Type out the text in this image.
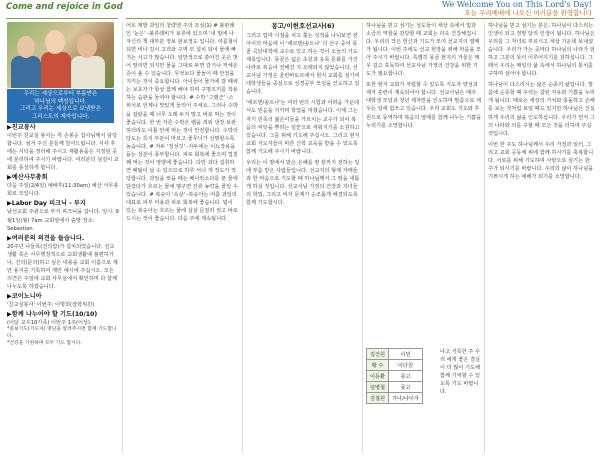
Come and rejoice in God	We Welcome You on This Lord's Day!
오늘 우리예배에 나오신 여러분을 환영합니다
우리는 세상으로부터 부름받은
하나님의 백성입니다.
그리고 우리는 세상으로 보냄받은
그리스도의 제자입니다.
▶친교봉사

이번주 친교실 봉사는 각 손봉순 집사님께서 담당합니다. 섬겨 주신 분들께 감사드립니다. 식사 후에는 식탁을 정리해 주시고 재활용품은 지정된 곳에 분리하여 주시기 바랍니다. 여러분의 섬김이 교회를 풍성하게 합니다.

▶예산사무총회

다음 주일(2/4일) 예배후(11:30am) 예산 사무총회로 모입니다.

▶Labor Day 피크닉 - 부지

남선교회 주관으로 부지 피크닉을 갑니다. 일시: 9월1일(월) 7am 교회앞에서 출발 장소: Sebastian

▶여러분의 의견을 들습니다.

20주년 나들목(건의함)가 설치되었습니다. 선교생활 혹은 사무행정적으로 교회생활에 불편하거나, 건의(문의)하고 싶은 내용을 교회 이름으로 제안 용지를 기록하여 제안 예시에 주십시오. 모든 의견은 주일에 교회 사무실에서 확인하며 다 함께 나누도록 하겠습니다.

▶코이노니아

'친교실봉사' 이번주: 이명희(장학위원)

▶함께 나누어야 할 기도(10/10)

(이달 교우10가족) 이번주 1주(이상)

*중보기도(기도자) 명단을 알려주시면 함께 기도합니다.

*건강을 기원하며 모두 기도 합시다.

어트 제발 과일의 청량엔 주의 조심(1) # 불판례인 '눈은' -불류레비가 보류에 있으며 '내 밀에 나 자신의 책 대부분 정보 판보정도 입니다. 여름철이 되면 비나 깊이 고리와 구역 모 설치 되어 물에 빠지는 사고가 많습니다. 일반적으로 쏟아진 옷은 벗어 말리면 되지만 물을 그대로 두면 감기나 저체온증이 올 수 있습니다. 무엇보다 물놀이 때 안전을 지키는 것이 중요합니다. 아이들이 물가에 갈 때에는 보호자가 항상 함께 해야 하며 구명조끼를 착용하는 습관을 들여야 합니다. # 수박 '그랬군' -스위치로 언제나 맛있게 들리어 주세요. 그러나 수박을 잘랐을 때 너무 오래 두지 말고 바로 먹는 것이 좋습니다. 한 번 자른 수박은 랩을 씌워 냉장 보관하더라도 이틀 안에 먹는 것이 안전합니다. 수박의 당도는 꼭지 부분이 마르고 줄무늬가 선명할수록 높습니다. # 자두 '정성깃' -자두에는 이뇨작용을 돕는 성분이 풍부합니다. 피로 회복에 좋으며 껍질째 먹는 것이 영양에 좋습니다. 다만 과다 섭취하면 배탈이 날 수 있으므로 하루 서너 개 정도가 적당합니다. 과일을 씻을 때는 베이킹소다를 푼 물에 담갔다가 흐르는 물에 헹구면 잔류 농약을 줄일 수 있습니다. # 복숭아 '속살' -복숭아는 여름 과일의 대표로 피부 미용과 피로 회복에 좋습니다. 털이 있는 복숭아는 흐르는 물에 살살 문질러 씻고 바로 드시는 것이 좋습니다. 다음 주에 계속됩니다.

몽고/이헌호선교사(6)

그리고 업마 시점을 치고 쫓는 성적을 나눠보면 전 아이의 마음에 이 '에르덴/솔트나' 의 선구 중어 몽골 곡닭대학에 교수로 있고 하는 것이 오늘의 기도 제목입니다. 몽골은 넓은 초원과 유목 문화를 가진 나라로 복음이 전해진 지 오래되지 않았습니다. 선교사님 가정은 울란바토르에서 현지 교회를 섬기며 대학생들을 중심으로 성경공부 모임을 인도하고 있습니다.

'에르덴/솔트나'는 여러 번의 시험과 어려움 가운데서도 믿음을 지키며 학업을 마쳤습니다. 이제 그는 자기 민족의 젊은이들을 가르치는 교수가 되어 복음의 씨앗을 뿌리는 일꾼으로 세워지기를 소원하고 있습니다. 그를 위해 기도해 주십시오. 그리고 현지 교회 지도자들이 바른 신학 교육을 받을 수 있도록 함께 기도해 주시기 바랍니다.

우리는 이 땅에서 받은 은혜를 땅 끝까지 전하는 일에 부름 받은 사람들입니다. 선교지의 형제 자매들과 한 마음으로 기도할 때 하나님께서 그 땅을 새롭게 하실 것입니다. 선교사님 가정의 건강과 자녀들의 학업, 그리고 비자 문제가 순조롭게 해결되도록 함께 기도합시다.

하나님을 믿고 섬기는 성도들이 세상 속에서 빛과 소금의 역할을 감당할 때 교회는 더욱 건강해집니다. 우리의 작은 헌신과 기도가 모여 선교지의 열매가 됩니다. 이번 주에도 선교 현장을 위해 마음을 모아 주시기 바랍니다. 특별히 몽골 현지의 겨울은 매우 길고 혹독하여 선교사님 가정의 건강을 위한 기도가 필요합니다.

또한 현지 교회가 자립할 수 있도록 지도자 양성과 제자 훈련이 계속되어야 합니다. 선교사님은 매주 대학생 모임과 청년 제자반을 인도하며 말씀으로 세우는 일에 힘쓰고 있습니다. 우리 교회도 기도와 후원으로 동역하며 복음의 열매를 함께 나누는 기쁨을 누리기를 소망합니다.

김진원	이민
황 수	이다원
이동환	몽고
임병철	몽고
김철원	가나/나이자

나고 거룩한 주 우리 에게 좋은 결실이 더 많이 기도해 함께 기억할 수 있도록 기도 바랍니다.

하나님을 믿고 섬기는 분은, 하나님이 다스리는 인생이 되고 정말 달리 인생이 됩니다. 하나님은 우리를 그 자녀로 부르시고 세상 가운데 보내셨습니다. 우리가 가는 곳마다 하나님의 나라가 임하고 그분의 뜻이 이루어지기를 원하십니다. 그래서 우리는 매일의 삶 속에서 하나님의 통치를 구하며 살아야 합니다.

하나님이 다스리시는 삶은 순종의 삶입니다. 말씀에 순종할 때 우리는 참된 자유와 기쁨을 누리게 됩니다. 때로는 세상의 가치와 충돌하고 손해를 보는 것처럼 보일 때도 있지만 하나님은 신실하게 우리의 삶을 인도하십니다. 우리가 먼저 그의 나라와 의를 구할 때 모든 것을 더하여 주실 것입니다.

이번 한 주도 하나님께서 우리 가정과 일터, 그리고 교회 공동체 위에 함께 하시기를 축복합니다. 서로를 위해 기도하며 사랑으로 섬기는 한 주가 되시기를 바랍니다. 우리의 삶이 하나님을 기쁘시게 하는 예배가 되기를 소망합니다.
